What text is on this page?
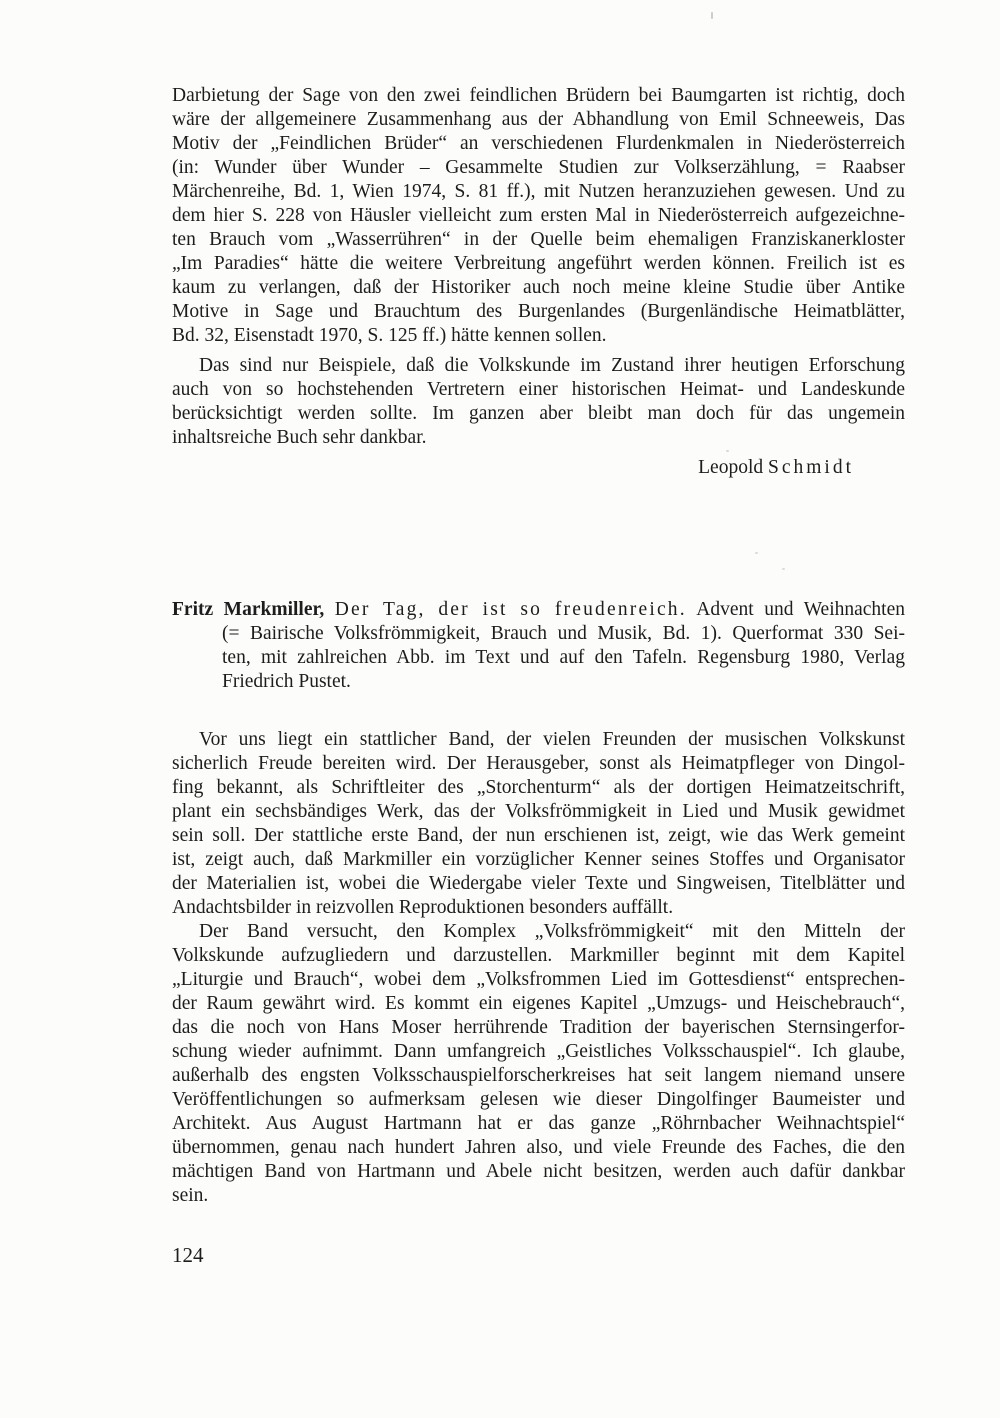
Darbietung der Sage von den zwei feindlichen Brüdern bei Baumgarten ist richtig, doch
wäre der allgemeinere Zusammenhang aus der Abhandlung von Emil Schneeweis, Das
Motiv der „Feindlichen Brüder“ an verschiedenen Flurdenkmalen in Niederösterreich
(in: Wunder über Wunder – Gesammelte Studien zur Volkserzählung, = Raabser
Märchenreihe, Bd. 1, Wien 1974, S. 81 ff.), mit Nutzen heranzuziehen gewesen. Und zu
dem hier S. 228 von Häusler vielleicht zum ersten Mal in Niederösterreich aufgezeichne-
ten Brauch vom „Wasserrühren“ in der Quelle beim ehemaligen Franziskanerkloster
„Im Paradies“ hätte die weitere Verbreitung angeführt werden können. Freilich ist es
kaum zu verlangen, daß der Historiker auch noch meine kleine Studie über Antike
Motive in Sage und Brauchtum des Burgenlandes (Burgenländische Heimatblätter,
Bd. 32, Eisenstadt 1970, S. 125 ff.) hätte kennen sollen.
Das sind nur Beispiele, daß die Volkskunde im Zustand ihrer heutigen Erforschung
auch von so hochstehenden Vertretern einer historischen Heimat- und Landeskunde
berücksichtigt werden sollte. Im ganzen aber bleibt man doch für das ungemein
inhaltsreiche Buch sehr dankbar.
Leopold Schmidt
Fritz Markmiller, Der Tag, der ist so freudenreich. Advent und Weihnachten
(= Bairische Volksfrömmigkeit, Brauch und Musik, Bd. 1). Querformat 330 Sei-
ten, mit zahlreichen Abb. im Text und auf den Tafeln. Regensburg 1980, Verlag
Friedrich Pustet.
Vor uns liegt ein stattlicher Band, der vielen Freunden der musischen Volkskunst
sicherlich Freude bereiten wird. Der Herausgeber, sonst als Heimatpfleger von Dingol-
fing bekannt, als Schriftleiter des „Storchenturm“ als der dortigen Heimatzeitschrift,
plant ein sechsbändiges Werk, das der Volksfrömmigkeit in Lied und Musik gewidmet
sein soll. Der stattliche erste Band, der nun erschienen ist, zeigt, wie das Werk gemeint
ist, zeigt auch, daß Markmiller ein vorzüglicher Kenner seines Stoffes und Organisator
der Materialien ist, wobei die Wiedergabe vieler Texte und Singweisen, Titelblätter und
Andachtsbilder in reizvollen Reproduktionen besonders auffällt.
Der Band versucht, den Komplex „Volksfrömmigkeit“ mit den Mitteln der
Volkskunde aufzugliedern und darzustellen. Markmiller beginnt mit dem Kapitel
„Liturgie und Brauch“, wobei dem „Volksfrommen Lied im Gottesdienst“ entsprechen-
der Raum gewährt wird. Es kommt ein eigenes Kapitel „Umzugs- und Heischebrauch“,
das die noch von Hans Moser herrührende Tradition der bayerischen Sternsingerfor-
schung wieder aufnimmt. Dann umfangreich „Geistliches Volksschauspiel“. Ich glaube,
außerhalb des engsten Volksschauspielforscherkreises hat seit langem niemand unsere
Veröffentlichungen so aufmerksam gelesen wie dieser Dingolfinger Baumeister und
Architekt. Aus August Hartmann hat er das ganze „Röhrnbacher Weihnachtspiel“
übernommen, genau nach hundert Jahren also, und viele Freunde des Faches, die den
mächtigen Band von Hartmann und Abele nicht besitzen, werden auch dafür dankbar
sein.
124
